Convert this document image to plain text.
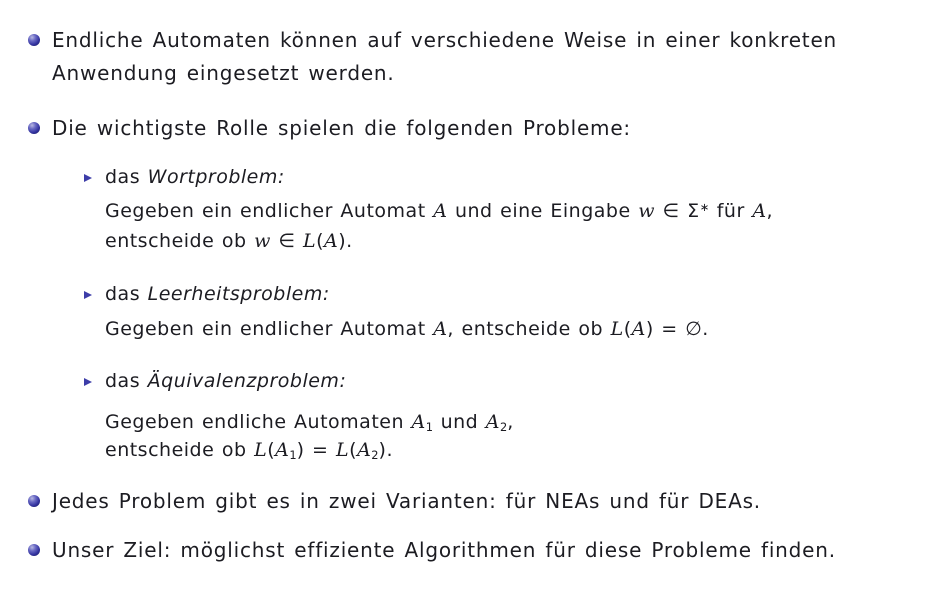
Endliche Automaten können auf verschiedene Weise in einer konkreten
Anwendung eingesetzt werden.
Die wichtigste Rolle spielen die folgenden Probleme:
das Wortproblem:
Gegeben ein endlicher Automat A und eine Eingabe w ∈ Σ∗ für A,
entscheide ob w ∈ L(A).
das Leerheitsproblem:
Gegeben ein endlicher Automat A, entscheide ob L(A) = ∅.
das Äquivalenzproblem:
Gegeben endliche Automaten A1 und A2,
entscheide ob L(A1) = L(A2).
Jedes Problem gibt es in zwei Varianten: für NEAs und für DEAs.
Unser Ziel: möglichst effiziente Algorithmen für diese Probleme finden.
